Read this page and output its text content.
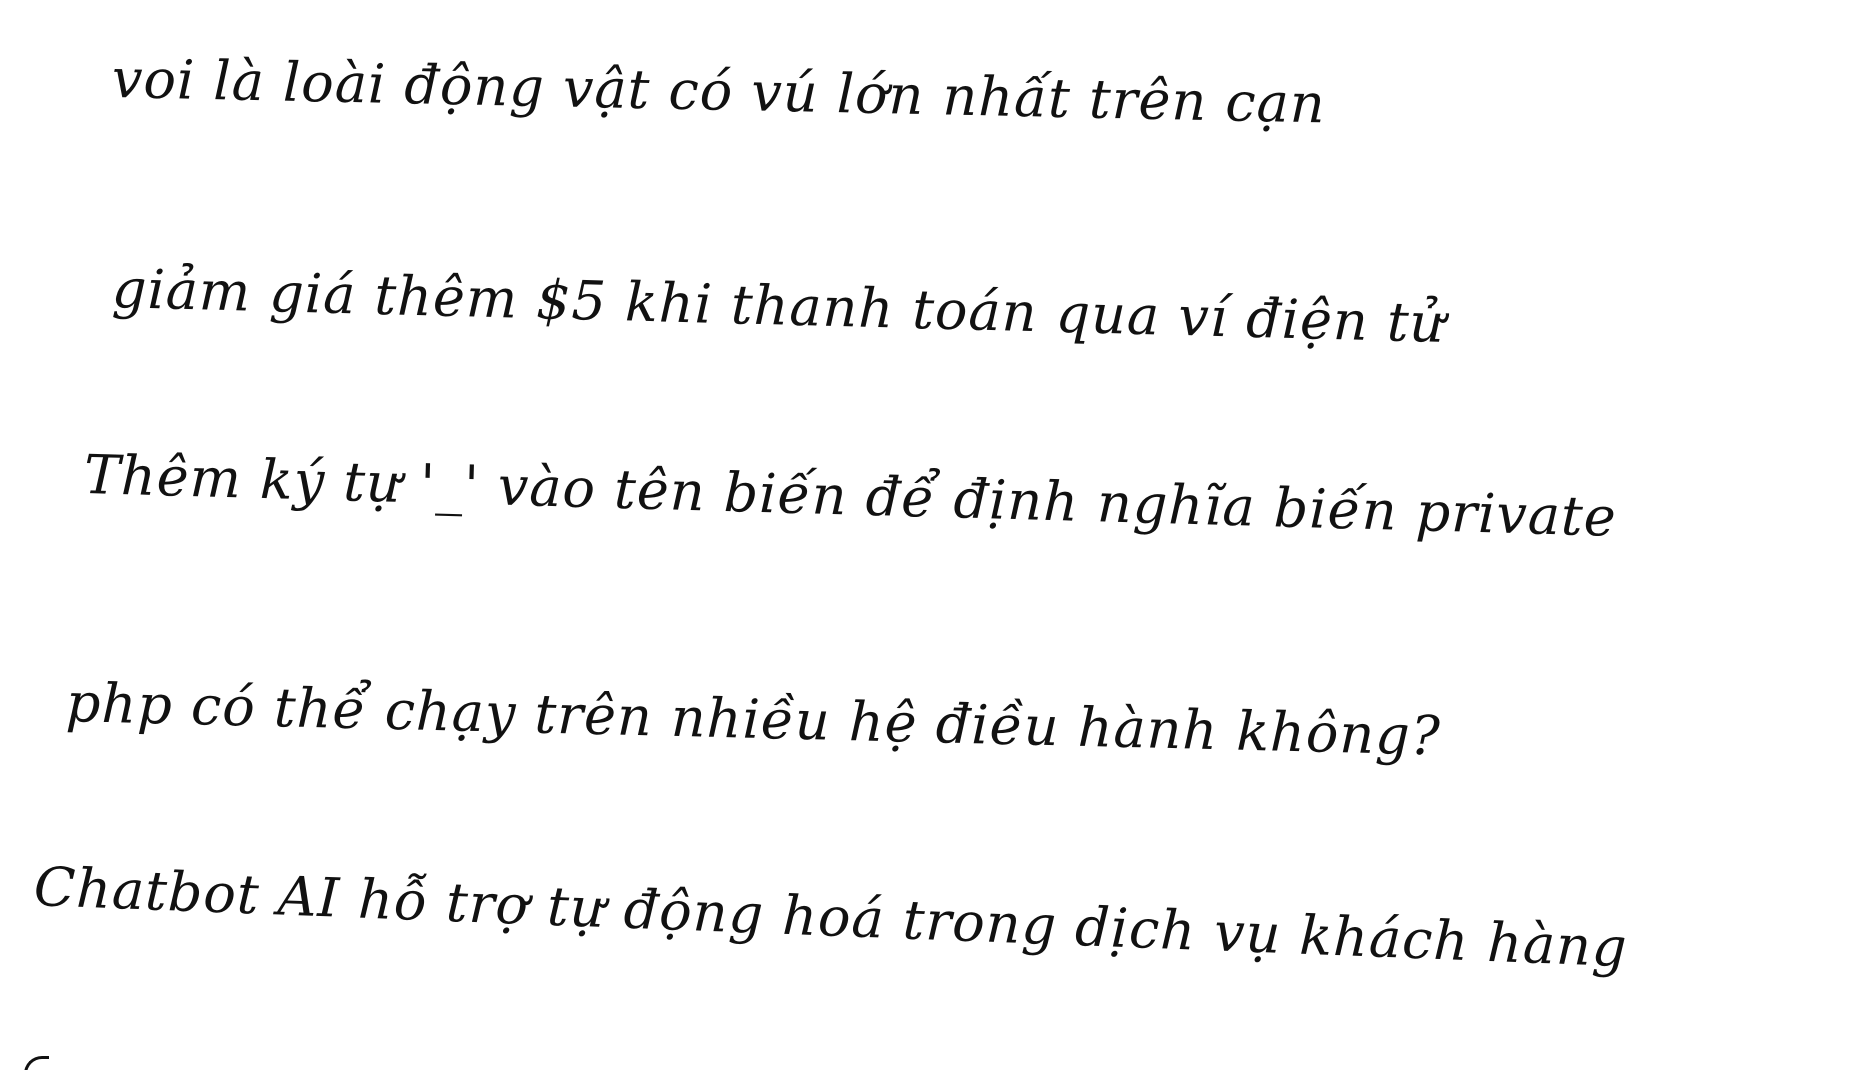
voi là loài động vật có vú lớn nhất trên cạn
giảm giá thêm $5 khi thanh toán qua ví điện tử
Thêm ký tự '_' vào tên biến để định nghĩa biến private
php có thể chạy trên nhiều hệ điều hành không?
Chatbot AI hỗ trợ tự động hoá trong dịch vụ khách hàng
